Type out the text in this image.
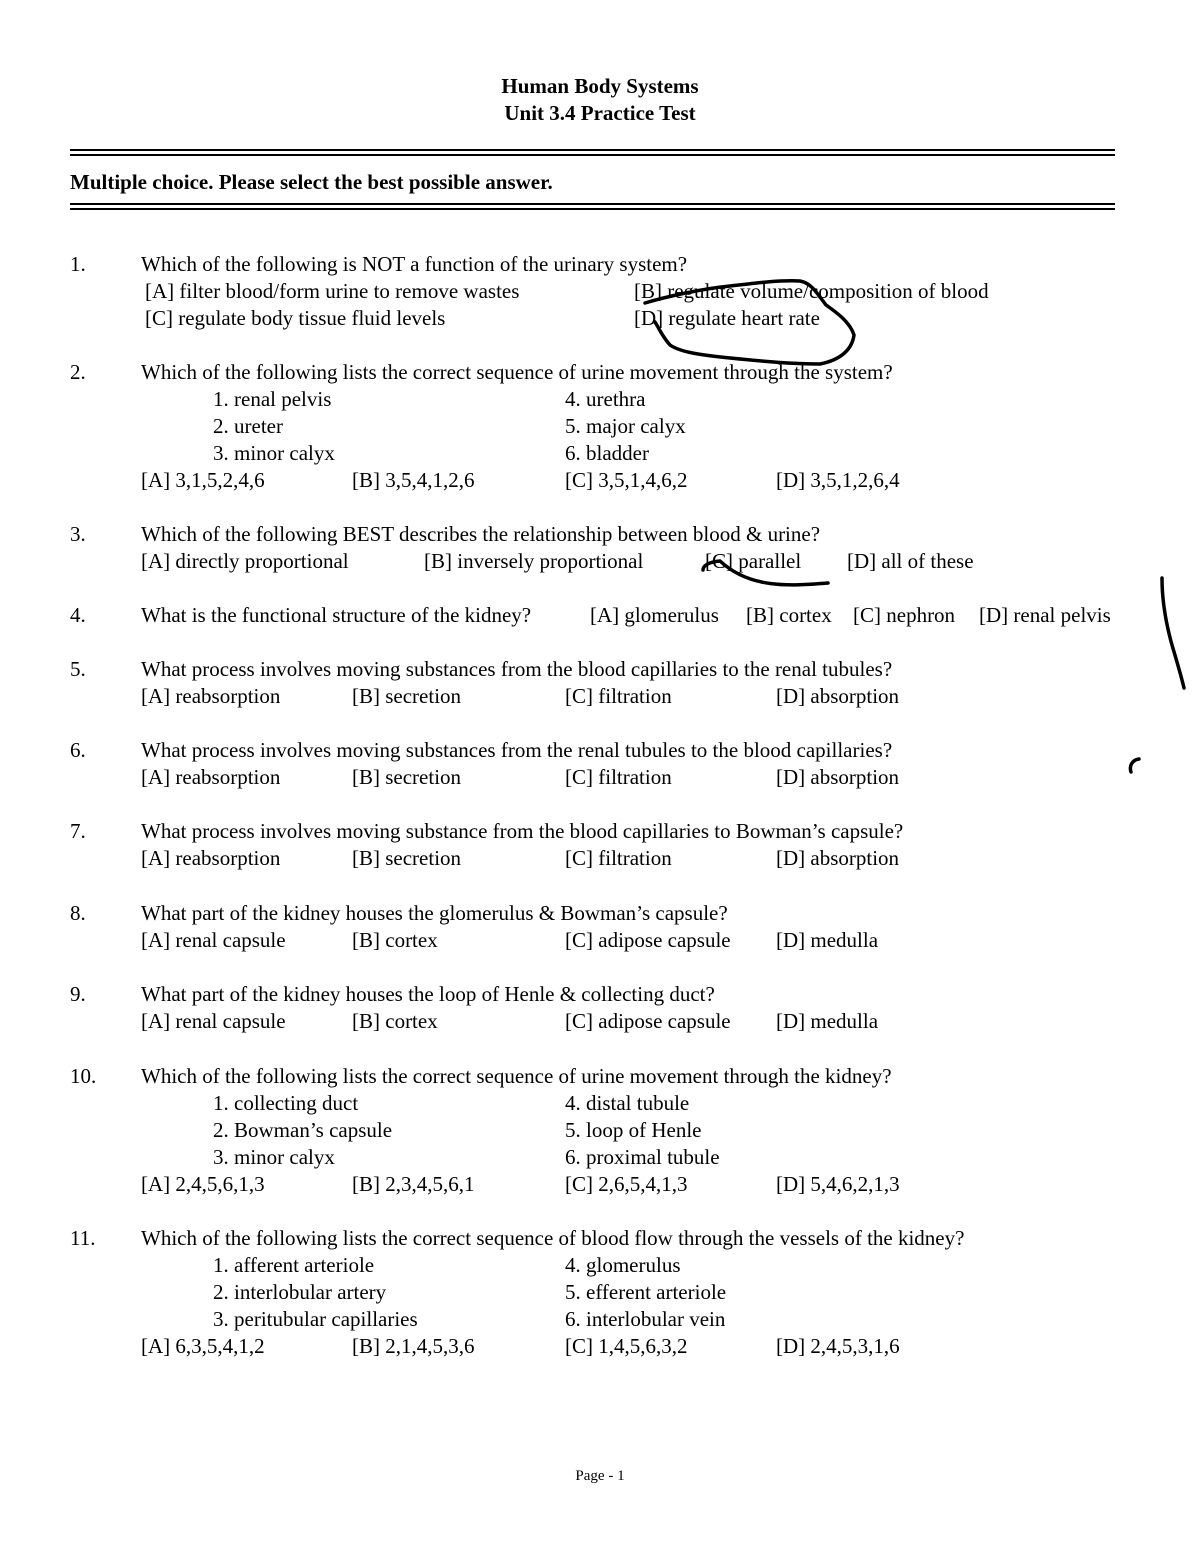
Human Body Systems
Unit 3.4 Practice Test
Multiple choice. Please select the best possible answer.
1.	Which of the following is NOT a function of the urinary system?
[A] filter blood/form urine to remove wastes	[B] regulate volume/composition of blood
[C] regulate body tissue fluid levels	[D] regulate heart rate
2.	Which of the following lists the correct sequence of urine movement through the system?
1. renal pelvis
2. ureter
3. minor calyx
4. urethra
5. major calyx
6. bladder
[A] 3,1,5,2,4,6	[B] 3,5,4,1,2,6	[C] 3,5,1,4,6,2	[D] 3,5,1,2,6,4
3.	Which of the following BEST describes the relationship between blood & urine?
[A] directly proportional	[B] inversely proportional	[C] parallel [D] all of these
4.	What is the functional structure of the kidney?	[A] glomerulus [B] cortex [C] nephron [D] renal pelvis
5.	What process involves moving substances from the blood capillaries to the renal tubules?
[A] reabsorption	[B] secretion	[C] filtration	[D] absorption
6.	What process involves moving substances from the renal tubules to the blood capillaries?
[A] reabsorption	[B] secretion	[C] filtration	[D] absorption
7.	What process involves moving substance from the blood capillaries to Bowman’s capsule?
[A] reabsorption	[B] secretion	[C] filtration	[D] absorption
8.	What part of the kidney houses the glomerulus & Bowman’s capsule?
[A] renal capsule	[B] cortex	[C] adipose capsule [D] medulla
9.	What part of the kidney houses the loop of Henle & collecting duct?
[A] renal capsule	[B] cortex	[C] adipose capsule [D] medulla
10. Which of the following lists the correct sequence of urine movement through the kidney?
1. collecting duct
2. Bowman’s capsule
3. minor calyx
4. distal tubule
5. loop of Henle
6. proximal tubule
[A] 2,4,5,6,1,3	[B] 2,3,4,5,6,1	[C] 2,6,5,4,1,3	[D] 5,4,6,2,1,3
11. Which of the following lists the correct sequence of blood flow through the vessels of the kidney?
1. afferent arteriole
2. interlobular artery
3. peritubular capillaries
4. glomerulus
5. efferent arteriole
6. interlobular vein
[A] 6,3,5,4,1,2	[B] 2,1,4,5,3,6	[C] 1,4,5,6,3,2	[D] 2,4,5,3,1,6
Page - 1
